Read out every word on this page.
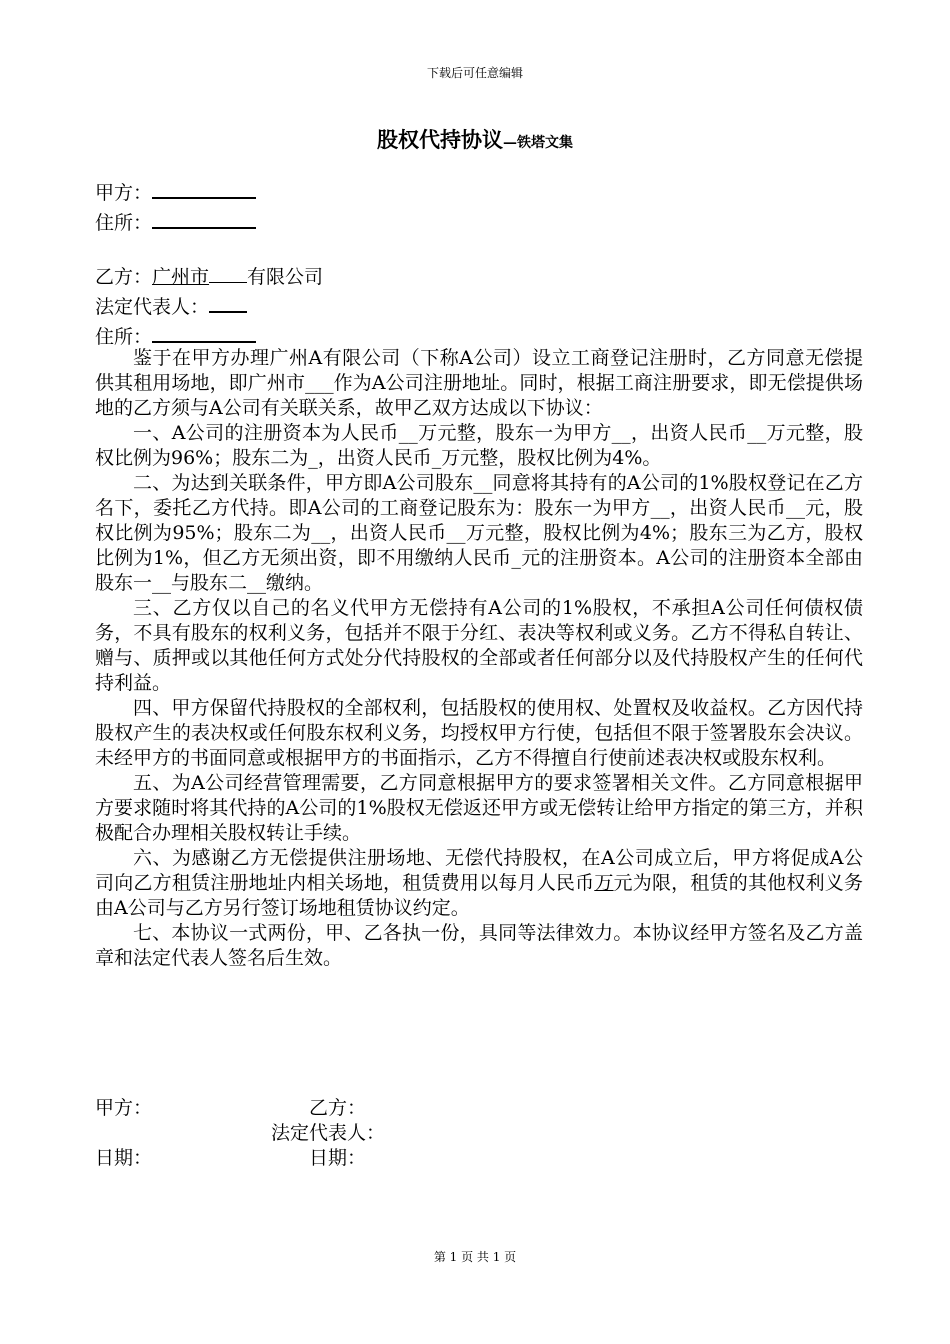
下载后可任意编辑
股权代持协议—铁塔文集
甲方：
住所：
乙方：广州市 有限公司
法定代表人：
住所：

鉴于在甲方办理广州A有限公司（下称A公司）设立工商登记注册时，乙方同意无偿提供其租用场地，即广州市___作为A公司注册地址。同时，根据工商注册要求，即无偿提供场地的乙方须与A公司有关联关系，故甲乙双方达成以下协议：

一、A公司的注册资本为人民币__万元整，股东一为甲方__，出资人民币__万元整，股权比例为96%；股东二为_，出资人民币_万元整，股权比例为4%。

二、为达到关联条件，甲方即A公司股东__同意将其持有的A公司的1%股权登记在乙方名下，委托乙方代持。即A公司的工商登记股东为：股东一为甲方__，出资人民币__元，股权比例为95%；股东二为__，出资人民币__万元整，股权比例为4%；股东三为乙方，股权比例为1%，但乙方无须出资，即不用缴纳人民币_元的注册资本。A公司的注册资本全部由股东一__与股东二__缴纳。

三、乙方仅以自己的名义代甲方无偿持有A公司的1%股权，不承担A公司任何债权债务，不具有股东的权利义务，包括并不限于分红、表决等权利或义务。乙方不得私自转让、赠与、质押或以其他任何方式处分代持股权的全部或者任何部分以及代持股权产生的任何代持利益。

四、甲方保留代持股权的全部权利，包括股权的使用权、处置权及收益权。乙方因代持股权产生的表决权或任何股东权利义务，均授权甲方行使，包括但不限于签署股东会决议。未经甲方的书面同意或根据甲方的书面指示，乙方不得擅自行使前述表决权或股东权利。

五、为A公司经营管理需要，乙方同意根据甲方的要求签署相关文件。乙方同意根据甲方要求随时将其代持的A公司的1%股权无偿返还甲方或无偿转让给甲方指定的第三方，并积极配合办理相关股权转让手续。

六、为感谢乙方无偿提供注册场地、无偿代持股权，在A公司成立后，甲方将促成A公司向乙方租赁注册地址内相关场地，租赁费用以每月人民币万元为限，租赁的其他权利义务由A公司与乙方另行签订场地租赁协议约定。

七、本协议一式两份，甲、乙各执一份，具同等法律效力。本协议经甲方签名及乙方盖章和法定代表人签名后生效。

甲方：	乙方：
法定代表人：
日期：	日期：
第 1 页 共 1 页
